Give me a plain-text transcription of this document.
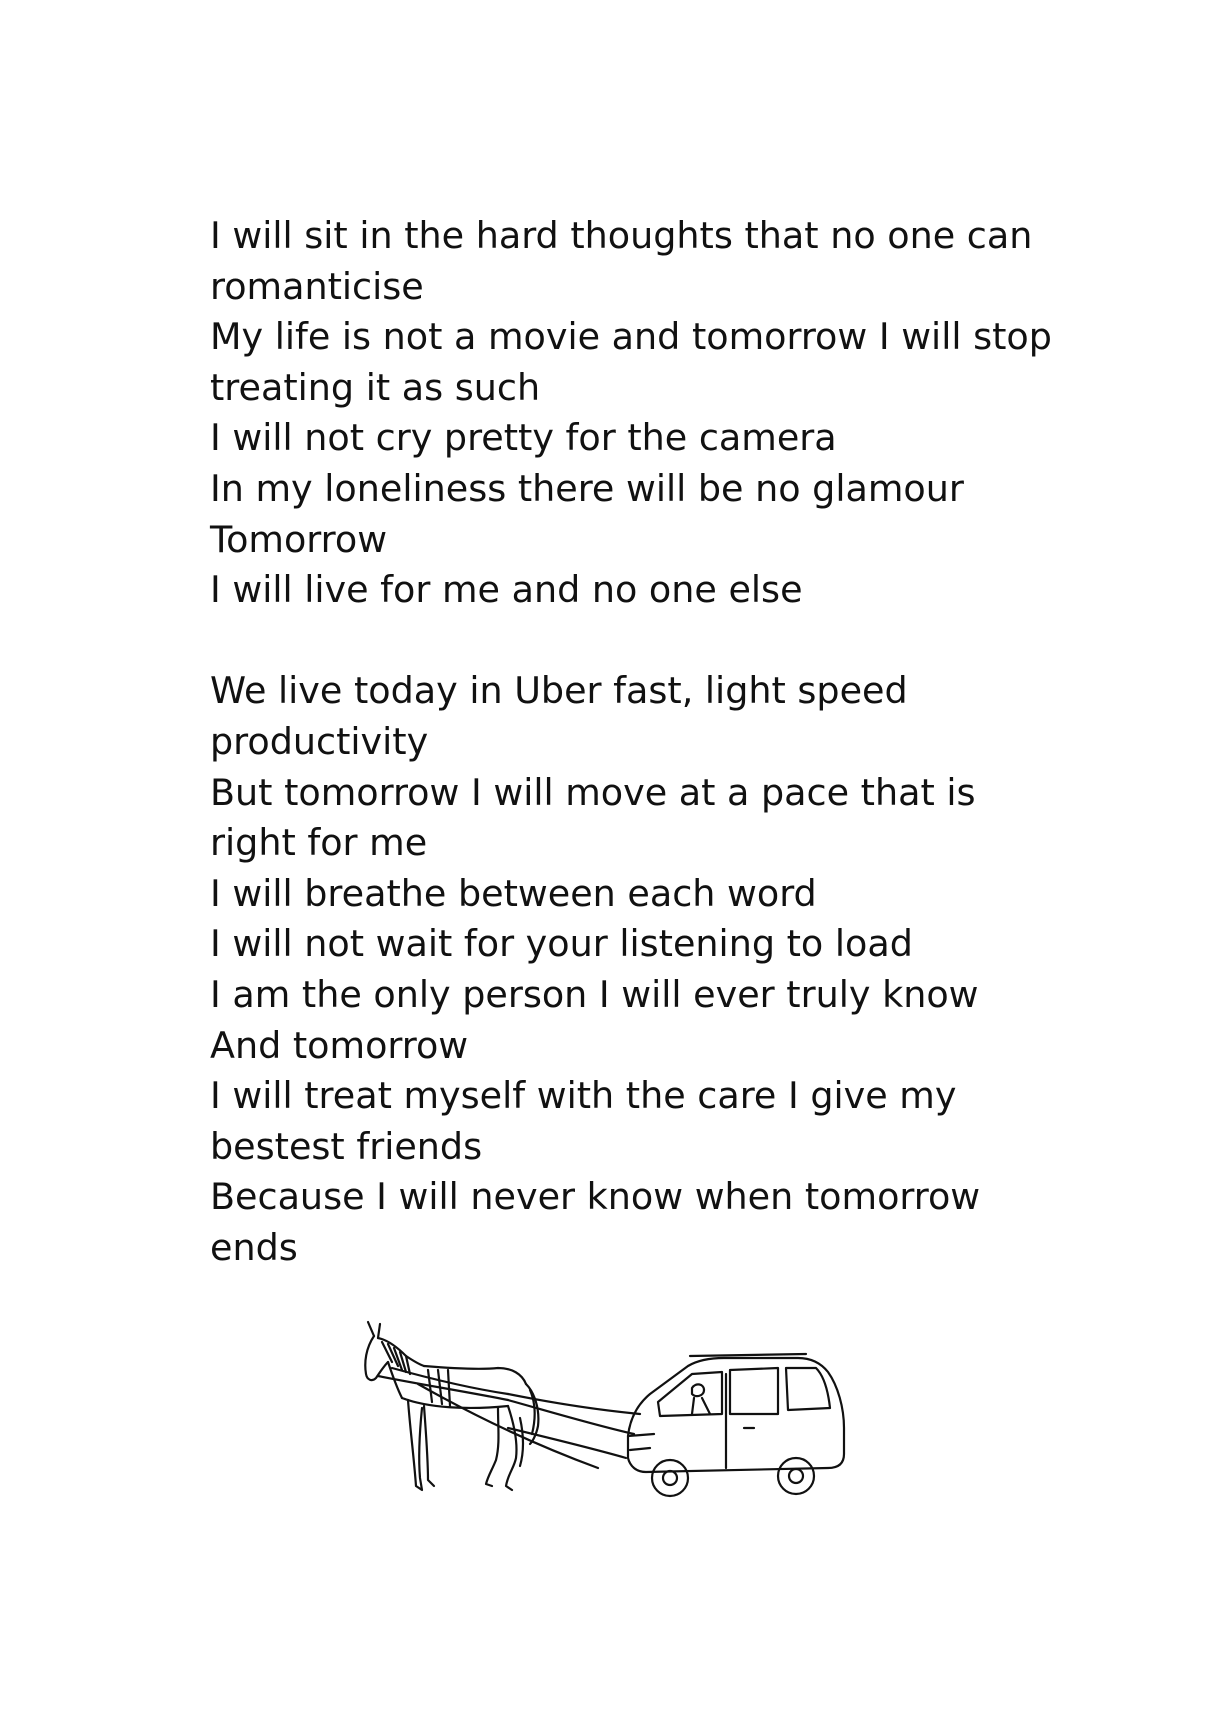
I will sit in the hard thoughts that no one can
romanticise
My life is not a movie and tomorrow I will stop
treating it as such
I will not cry pretty for the camera
In my loneliness there will be no glamour
Tomorrow
I will live for me and no one else
We live today in Uber fast, light speed
productivity
But tomorrow I will move at a pace that is
right for me
I will breathe between each word
I will not wait for your listening to load
I am the only person I will ever truly know
And tomorrow
I will treat myself with the care I give my
bestest friends
Because I will never know when tomorrow
ends
